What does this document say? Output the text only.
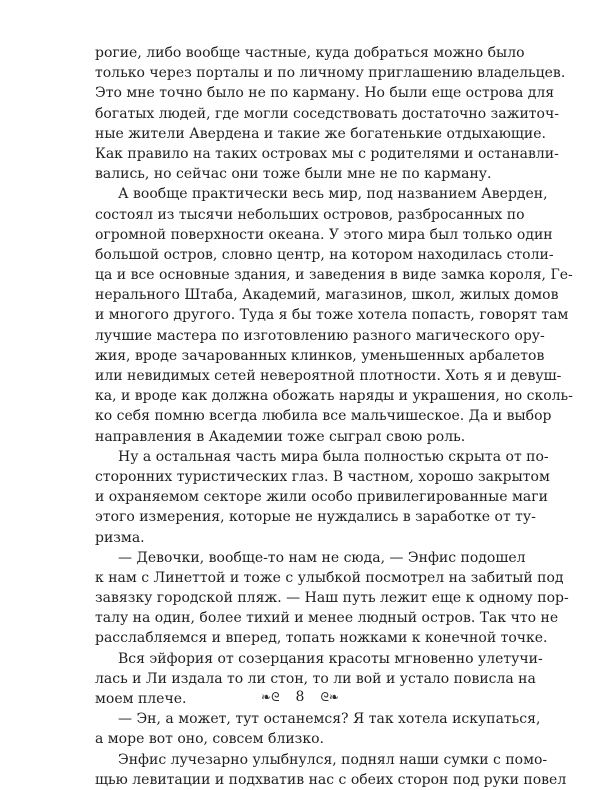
рогие, либо вообще частные, куда добраться можно было
только через порталы и по личному приглашению владельцев.
Это мне точно было не по карману. Но были еще острова для
богатых людей, где могли соседствовать достаточно зажиточ-
ные жители Авердена и такие же богатенькие отдыхающие.
Как правило на таких островах мы с родителями и останавли-
вались, но сейчас они тоже были мне не по карману.
А вообще практически весь мир, под названием Аверден,
состоял из тысячи небольших островов, разбросанных по
огромной поверхности океана. У этого мира был только один
большой остров, словно центр, на котором находилась столи-
ца и все основные здания, и заведения в виде замка короля, Ге-
нерального Штаба, Академий, магазинов, школ, жилых домов
и многого другого. Туда я бы тоже хотела попасть, говорят там
лучшие мастера по изготовлению разного магического ору-
жия, вроде зачарованных клинков, уменьшенных арбалетов
или невидимых сетей невероятной плотности. Хоть я и девуш-
ка, и вроде как должна обожать наряды и украшения, но сколь-
ко себя помню всегда любила все мальчишеское. Да и выбор
направления в Академии тоже сыграл свою роль.
Ну а остальная часть мира была полностью скрыта от по-
сторонних туристических глаз. В частном, хорошо закрытом
и охраняемом секторе жили особо привилегированные маги
этого измерения, которые не нуждались в заработке от ту-
ризма.
— Девочки, вообще-то нам не сюда, — Энфис подошел
к нам с Линеттой и тоже с улыбкой посмотрел на забитый под
завязку городской пляж. — Наш путь лежит еще к одному пор-
талу на один, более тихий и менее людный остров. Так что не
расслабляемся и вперед, топать ножками к конечной точке.
Вся эйфория от созерцания красоты мгновенно улетучи-
лась и Ли издала то ли стон, то ли вой и устало повисла на
моем плече.
— Эн, а может, тут останемся? Я так хотела искупаться,
а море вот оно, совсем близко.
Энфис лучезарно улыбнулся, поднял наши сумки с помо-
щью левитации и подхватив нас с обеих сторон под руки повел
❧ᘓ 8 ᘓ❧
